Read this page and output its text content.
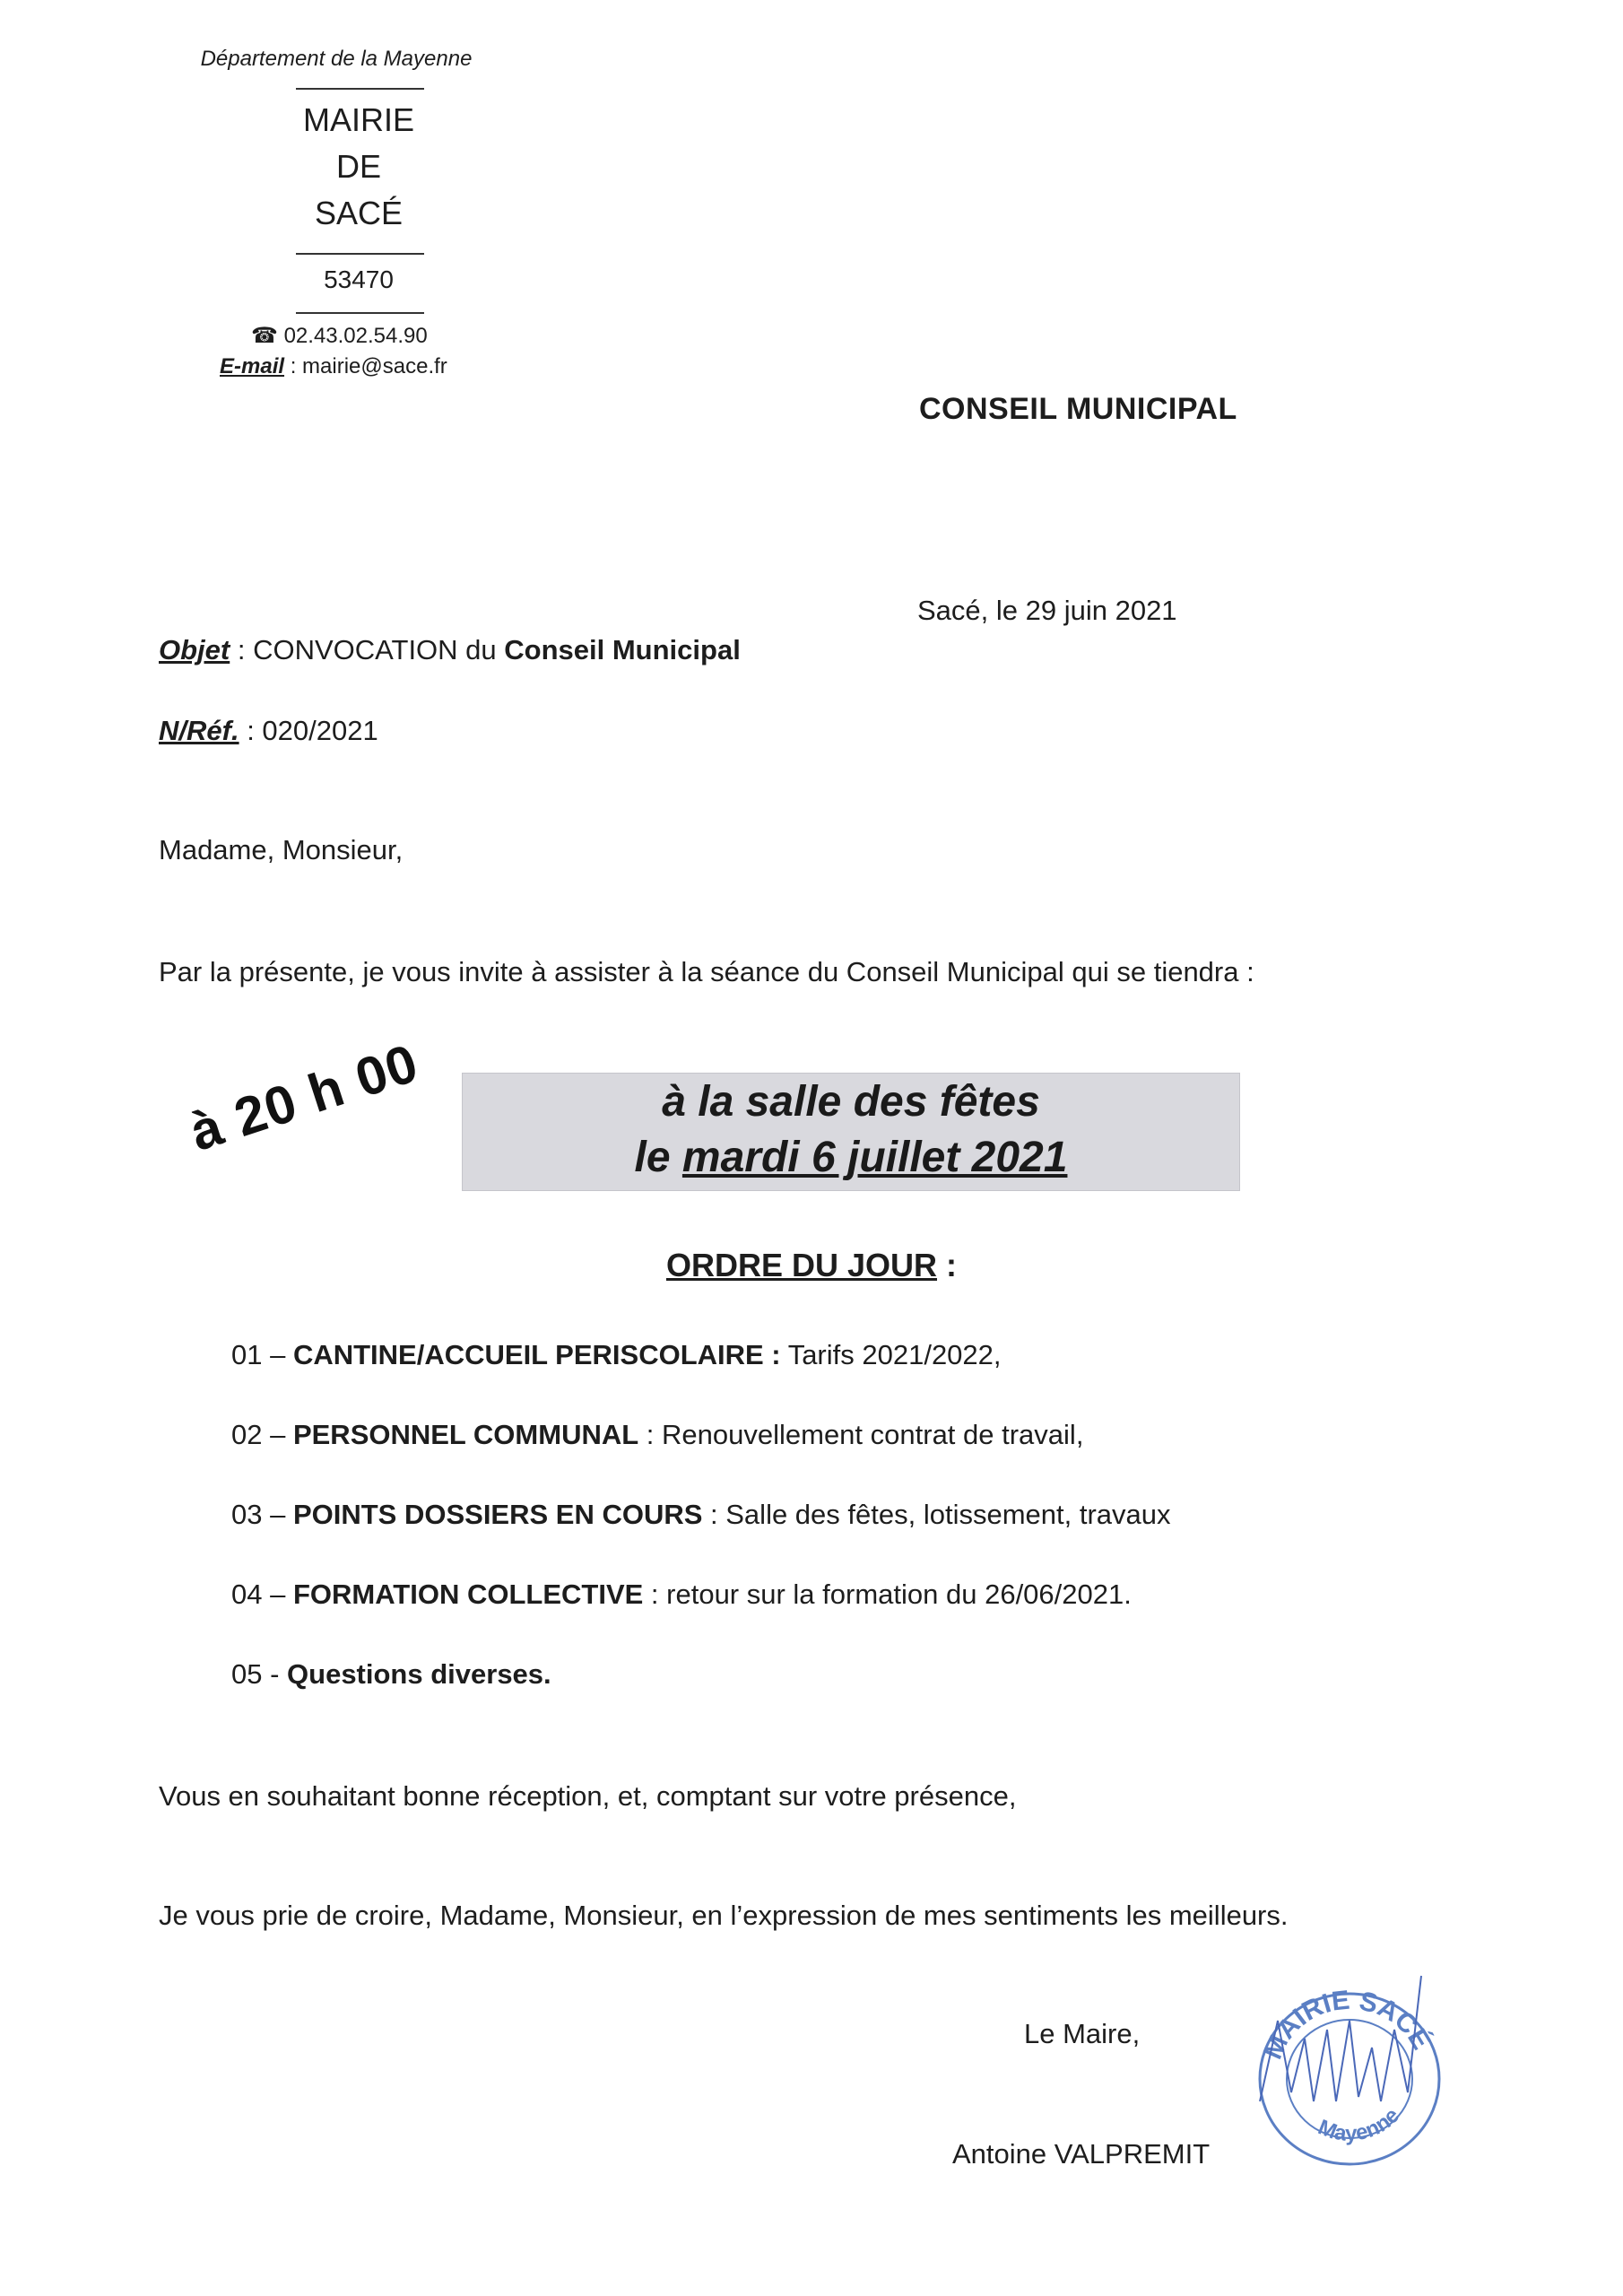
Département de la Mayenne
MAIRIE
DE
SACÉ
53470
☎ 02.43.02.54.90
E-mail : mairie@sace.fr
CONSEIL MUNICIPAL
Sacé, le 29 juin 2021
Objet : CONVOCATION du Conseil Municipal
N/Réf. : 020/2021
Madame, Monsieur,
Par la présente, je vous invite à assister à la séance du Conseil Municipal qui se tiendra :
à 20 h 00	à la salle des fêtes
le mardi 6 juillet 2021
ORDRE DU JOUR :
01 – CANTINE/ACCUEIL PERISCOLAIRE : Tarifs 2021/2022,
02 – PERSONNEL COMMUNAL : Renouvellement contrat de travail,
03 – POINTS DOSSIERS EN COURS : Salle des fêtes, lotissement, travaux
04 – FORMATION COLLECTIVE : retour sur la formation du 26/06/2021.
05 - Questions diverses.
Vous en souhaitant bonne réception, et, comptant sur votre présence,
Je vous prie de croire, Madame, Monsieur, en l’expression de mes sentiments les meilleurs.
Le Maire,
Antoine VALPREMIT
MAIRIE SACÉ
Mayenne
